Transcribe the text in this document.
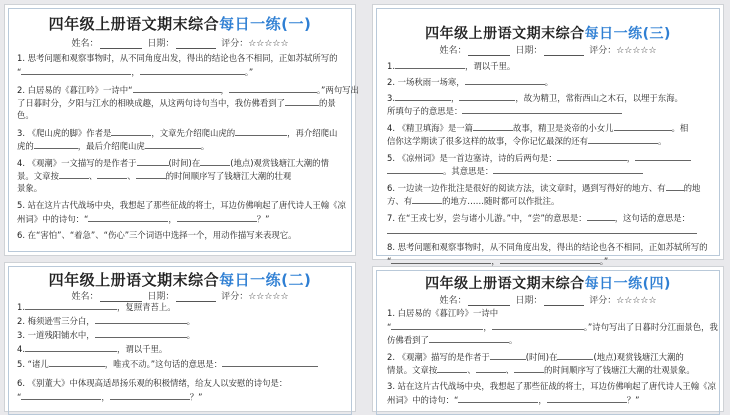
四年级上册语文期末综合每日一练(一)
姓名：	日期：	评分：☆☆☆☆☆
1. 思考问题和观察事物时，从不同角度出发，得出的结论也各不相同，正如苏轼所写的
“	，	。”
2. 白居易的《暮江吟》一诗中“	，	。”两句写出
了日暮时分，夕阳与江水的相映成趣，从这两句诗句当中，我仿佛看到了	的景
色。
3. 《爬山虎的脚》作者是	，文章先介绍爬山虎的	，再介绍爬山
虎的	，最后介绍爬山虎	。
4. 《观潮》一文描写的是作者于	(时间)在	(地点)观赏钱塘江大潮的情
景。文章按	、	、	的时间顺序写了钱塘江大潮的壮观
景象。
5. 站在这片古代战场中央，我想起了那些征战的将士，耳边仿佛响起了唐代诗人王翰《凉
州词》中的诗句：“	，	？”
6. 在“害怕”、“着急”、“伤心”三个词语中选择一个，用动作描写来表现它。
四年级上册语文期末综合每日一练(二)
姓名：	日期：	评分：☆☆☆☆☆
1.	，复照青苔上。
2. 梅须逊雪三分白，	。
3. 一道残阳铺水中，	。
4.	，谓以千里。
5. “诸儿	，唯戎不动。”这句话的意思是：
6. 《别董大》中体现高适昂扬乐观的积极情绪，给友人以安慰的诗句是：
“	，	？”
四年级上册语文期末综合每日一练(三)
姓名：	日期：	评分：☆☆☆☆☆
1.	，谓以千里。
2. 一场秋雨一场寒，	。
3.	，	，故为精卫，常衔西山之木石，以埋于东海。
所填句子的意思是：
4. 《精卫填海》是一篇	故事，精卫是炎帝的小女儿	。相
信你这学期读了很多这样的故事，令你记忆最深的还有	。
5. 《凉州词》是一首边塞诗，诗的后两句是：	，
。其意思是：
6. 一边读一边作批注是很好的阅读方法，读文章时，遇到写得好的地方、有 的地
方、有	的地方……随时都可以作批注。
7. 在“王戎七岁，尝与诸小儿游。”中，“尝”的意思是：	，这句话的意思是：
8. 思考问题和观察事物时，从不同角度出发，得出的结论也各不相同，正如苏轼所写的
“	，	。”
四年级上册语文期末综合每日一练(四)
姓名：	日期：	评分：☆☆☆☆☆
1. 白居易的《暮江吟》一诗中
“	，	。”诗句写出了日暮时分江面景色，我
仿佛看到了	。
2. 《观潮》描写的是作者于	(时间)在	(地点)观赏钱塘江大潮的
情景。文章按	、	、	的时间顺序写了钱塘江大潮的壮观景象。
3. 站在这片古代战场中央，我想起了那些征战的将士，耳边仿佛响起了唐代诗人王翰《凉
州词》中的诗句：“	，	？”
